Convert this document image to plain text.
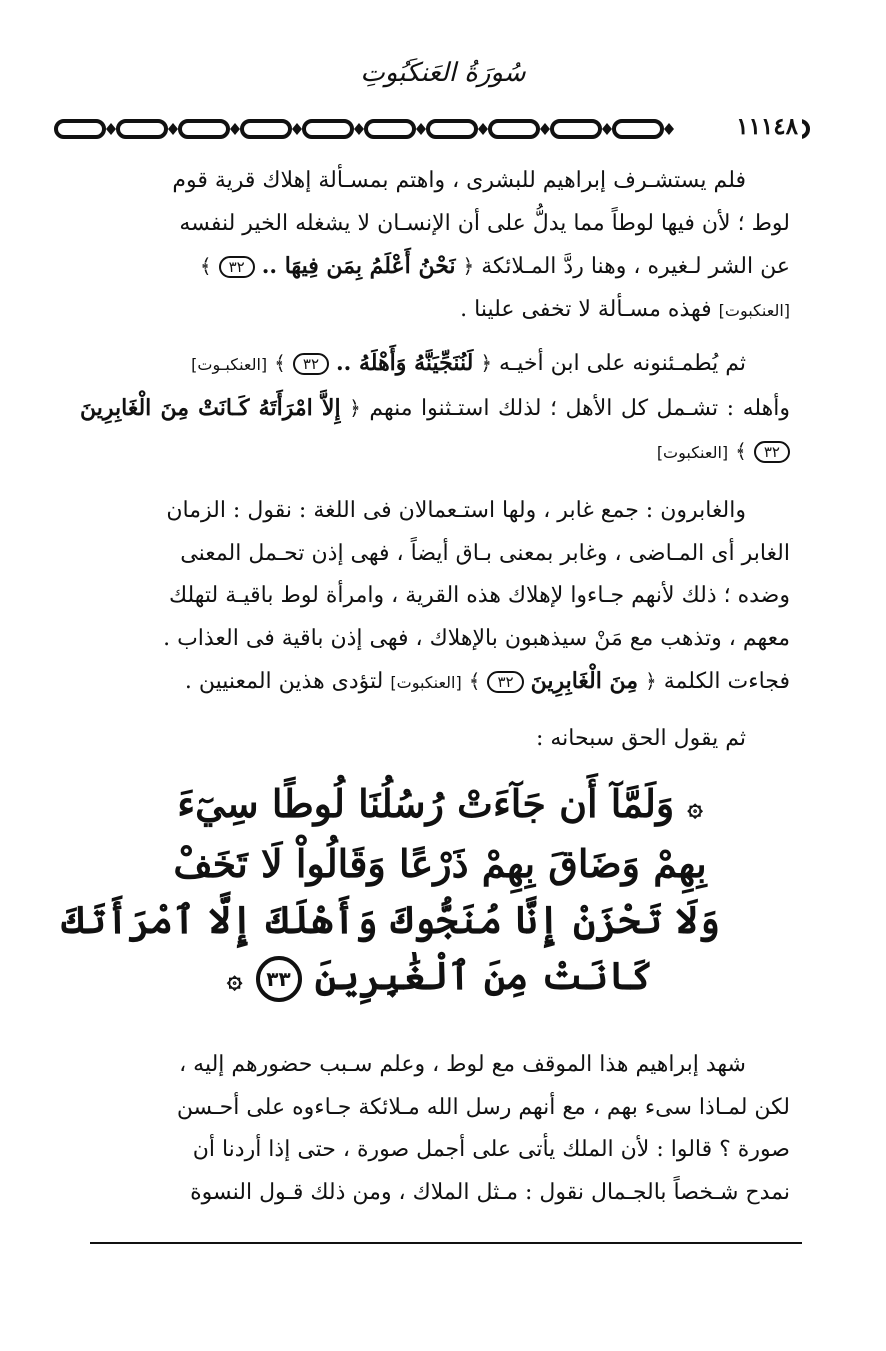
سُورَةُ العَنكَبُوتِ
١١١٤٨
فلم يستشـرف إبراهيم للبشرى ، واهتم بمسـألة إهلاك قرية قوم
لوط ؛ لأن فيها لوطاً مما يدلُّ على أن الإنسـان لا يشغله الخير لنفسه
عن الشر لـغيره ، وهنا ردَّ المـلائكة ﴿ نَحْنُ أَعْلَمُ بِمَن فِيهَا .. ٣٢ ﴾
[العنكبوت] فهذه مسـألة لا تخفى علينا .
ثم يُطمـئنونه على ابن أخيـه ﴿ لَنُنَجِّيَنَّهُ وَأَهْلَهُ .. ٣٢ ﴾ [العنكبـوت]
وأهله : تشـمل كل الأهل ؛ لذلك استـثنوا منهم ﴿ إِلاَّ امْرَأَتَهُ كَـانَتْ مِنَ الْغَابِرِينَ ٣٢ ﴾ [العنكبوت]
والغابرون : جمع غابر ، ولها استـعمالان فى اللغة : نقول : الزمان
الغابر أى المـاضى ، وغابر بمعنى بـاق أيضاً ، فهى إذن تحـمل المعنى
وضده ؛ ذلك لأنهم جـاءوا لإهلاك هذه القرية ، وامرأة لوط باقيـة لتهلك
معهم ، وتذهب مع مَنْ سيذهبون بالإهلاك ، فهى إذن باقية فى العذاب .
فجاءت الكلمة ﴿ مِنَ الْغَابِرِينَ ٣٢ ﴾ [العنكبوت] لتؤدى هذين المعنيين .
ثم يقول الحق سبحانه :
۞ وَلَمَّآ أَن جَآءَتْ رُسُلُنَا لُوطًا سِيٓءَ
بِهِمْ وَضَاقَ بِهِمْ ذَرْعًا وَقَالُواْ لَا تَخَفْ
وَلَا تَحْزَنْ إِنَّا مُنَجُّوكَ وَأَهْلَكَ إِلَّا ٱمْرَأَتَكَ
كَانَتْ مِنَ ٱلْغَٰبِرِينَ ٣٣ ۞
شهد إبراهيم هذا الموقف مع لوط ، وعلم سـبب حضورهم إليه ،
لكن لمـاذا سىء بهم ، مع أنهم رسل الله مـلائكة جـاءوه على أحـسن
صورة ؟ قالوا : لأن الملك يأتى على أجمل صورة ، حتى إذا أردنا أن
نمدح شـخصاً بالجـمال نقول : مـثل الملاك ، ومن ذلك قـول النسوة
